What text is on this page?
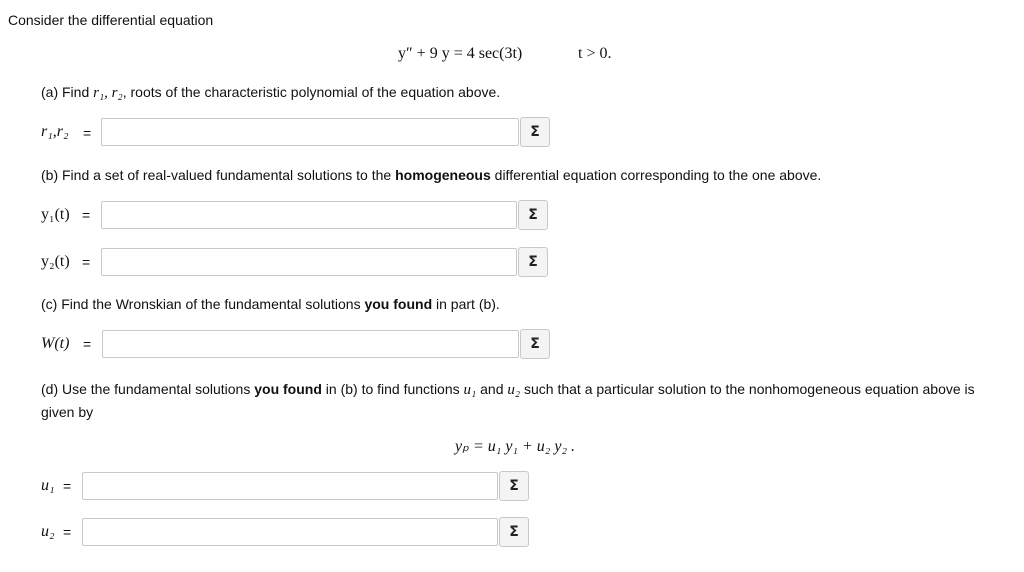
Consider the differential equation
y″ + 9 y = 4 sec(3t)	t > 0.
(a) Find r₁, r₂, roots of the characteristic polynomial of the equation above.
r₁,r₂ =	Σ
(b) Find a set of real-valued fundamental solutions to the homogeneous differential equation corresponding to the one above.
y₁(t) =	Σ
y₂(t) =	Σ
(c) Find the Wronskian of the fundamental solutions you found in part (b).
W(t) =	Σ
(d) Use the fundamental solutions you found in (b) to find functions u₁ and u₂ such that a particular solution to the nonhomogeneous equation above is given by
yₚ = u₁ y₁ + u₂ y₂ .
u₁ =	Σ
u₂ =	Σ
